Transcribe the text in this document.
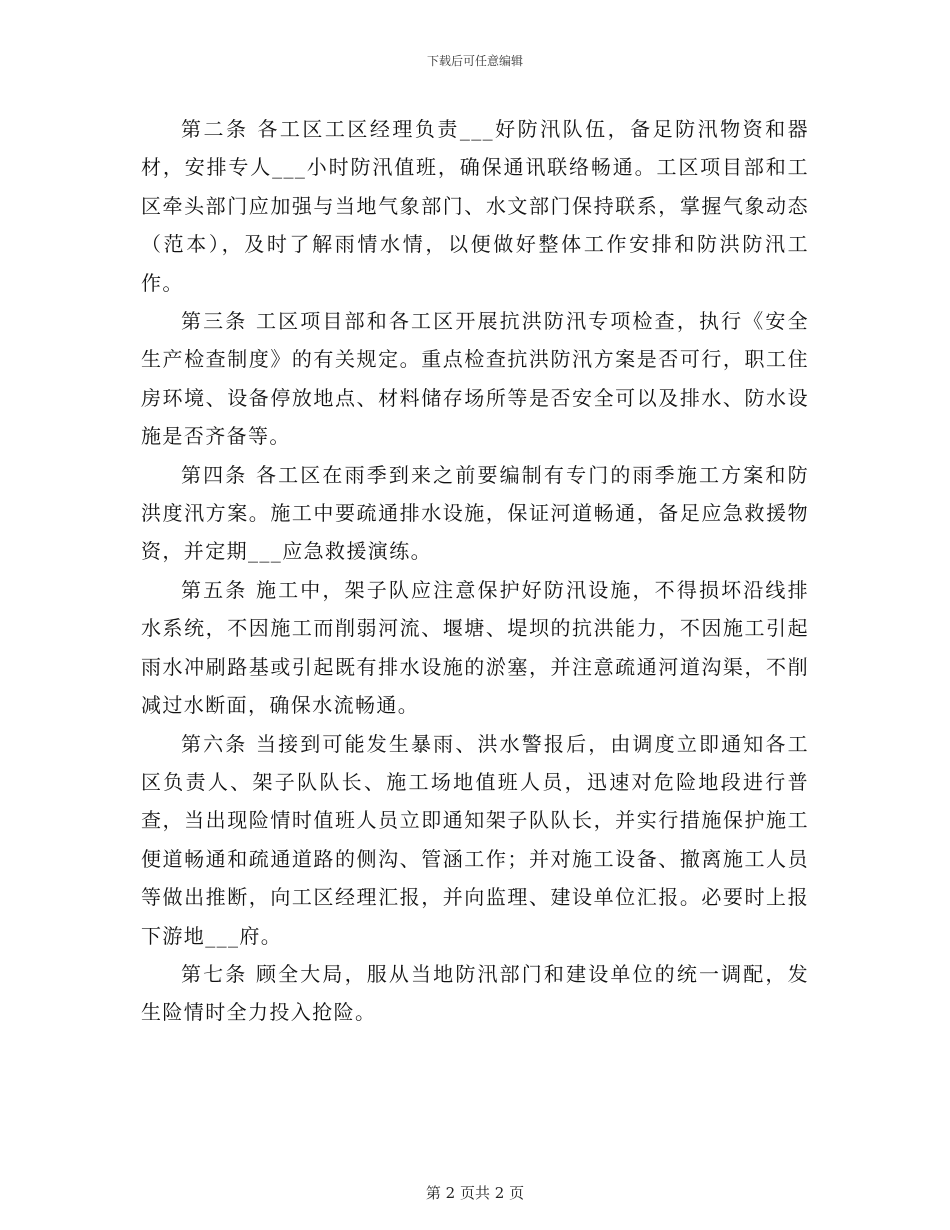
下载后可任意编辑

第二条 各工区工区经理负责___好防汛队伍，备足防汛物资和器材，安排专人___小时防汛值班，确保通讯联络畅通。工区项目部和工区牵头部门应加强与当地气象部门、水文部门保持联系，掌握气象动态（范本），及时了解雨情水情，以便做好整体工作安排和防洪防汛工作。

第三条 工区项目部和各工区开展抗洪防汛专项检查，执行《安全生产检查制度》的有关规定。重点检查抗洪防汛方案是否可行，职工住房环境、设备停放地点、材料储存场所等是否安全可以及排水、防水设施是否齐备等。

第四条 各工区在雨季到来之前要编制有专门的雨季施工方案和防洪度汛方案。施工中要疏通排水设施，保证河道畅通，备足应急救援物资，并定期___应急救援演练。

第五条 施工中，架子队应注意保护好防汛设施，不得损坏沿线排水系统，不因施工而削弱河流、堰塘、堤坝的抗洪能力，不因施工引起雨水冲刷路基或引起既有排水设施的淤塞，并注意疏通河道沟渠，不削减过水断面，确保水流畅通。

第六条 当接到可能发生暴雨、洪水警报后，由调度立即通知各工区负责人、架子队队长、施工场地值班人员，迅速对危险地段进行普查，当出现险情时值班人员立即通知架子队队长，并实行措施保护施工便道畅通和疏通道路的侧沟、管涵工作；并对施工设备、撤离施工人员等做出推断，向工区经理汇报，并向监理、建设单位汇报。必要时上报下游地___府。

第七条 顾全大局，服从当地防汛部门和建设单位的统一调配，发生险情时全力投入抢险。

第 2 页共 2 页
